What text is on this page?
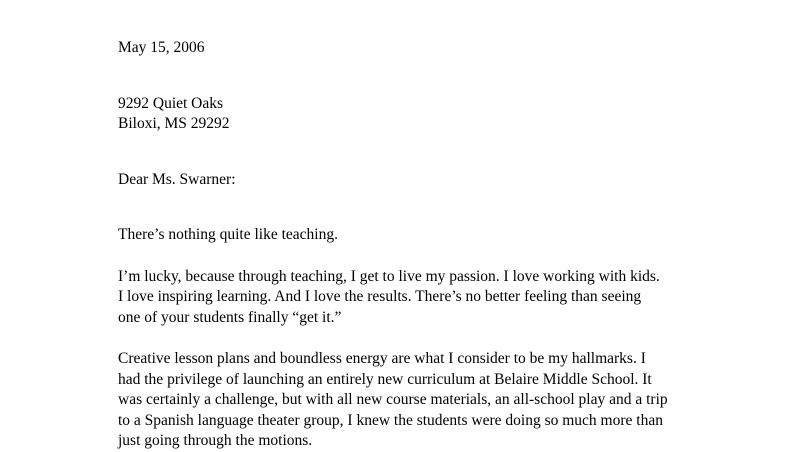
May 15, 2006
9292 Quiet Oaks
Biloxi, MS 29292
Dear Ms. Swarner:
There’s nothing quite like teaching.
I’m lucky, because through teaching, I get to live my passion. I love working with kids.
I love inspiring learning. And I love the results. There’s no better feeling than seeing
one of your students finally “get it.”
Creative lesson plans and boundless energy are what I consider to be my hallmarks. I
had the privilege of launching an entirely new curriculum at Belaire Middle School. It
was certainly a challenge, but with all new course materials, an all-school play and a trip
to a Spanish language theater group, I knew the students were doing so much more than
just going through the motions.
